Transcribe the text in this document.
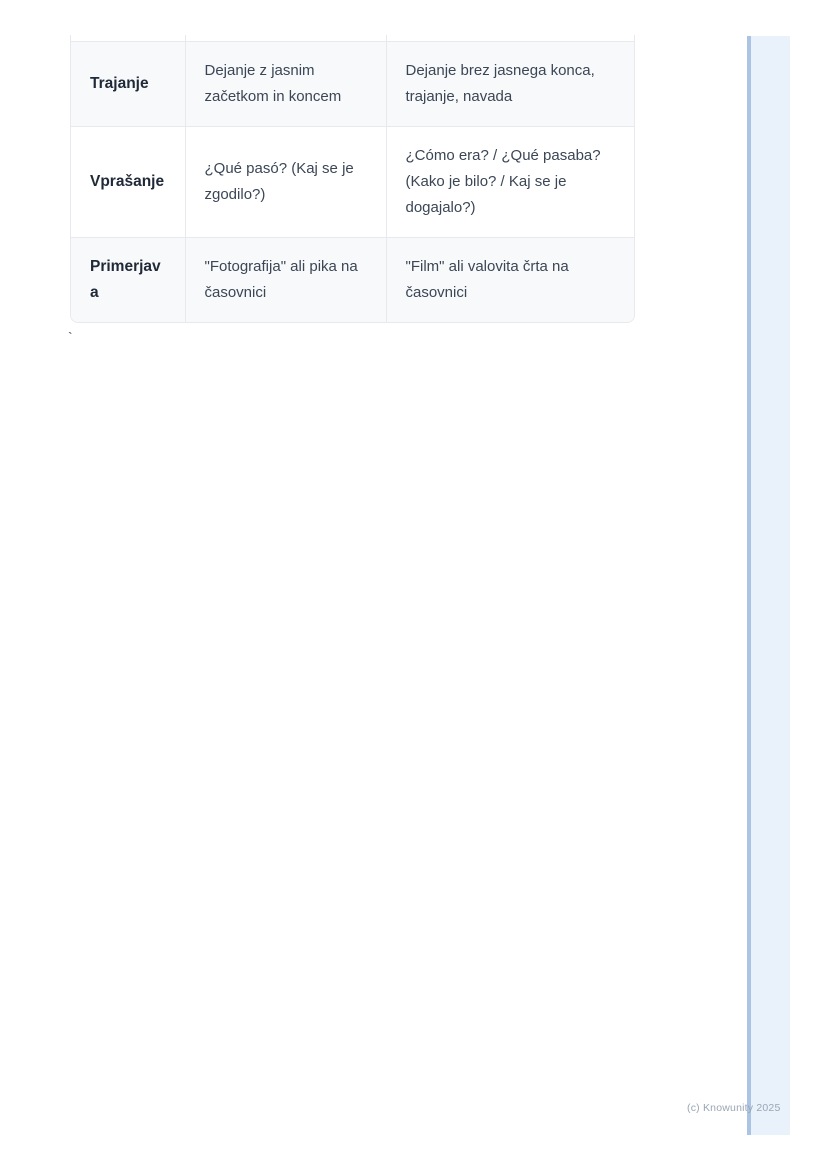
Trajanje	Dejanje z jasnim začetkom in koncem	Dejanje brez jasnega konca, trajanje, navada
Vprašanje	¿Qué pasó? (Kaj se je zgodilo?)	¿Cómo era? / ¿Qué pasaba? (Kako je bilo? / Kaj se je dogajalo?)
Primerjava	"Fotografija" ali pika na časovnici	"Film" ali valovita črta na časovnici
`
(c) Knowunity 2025
